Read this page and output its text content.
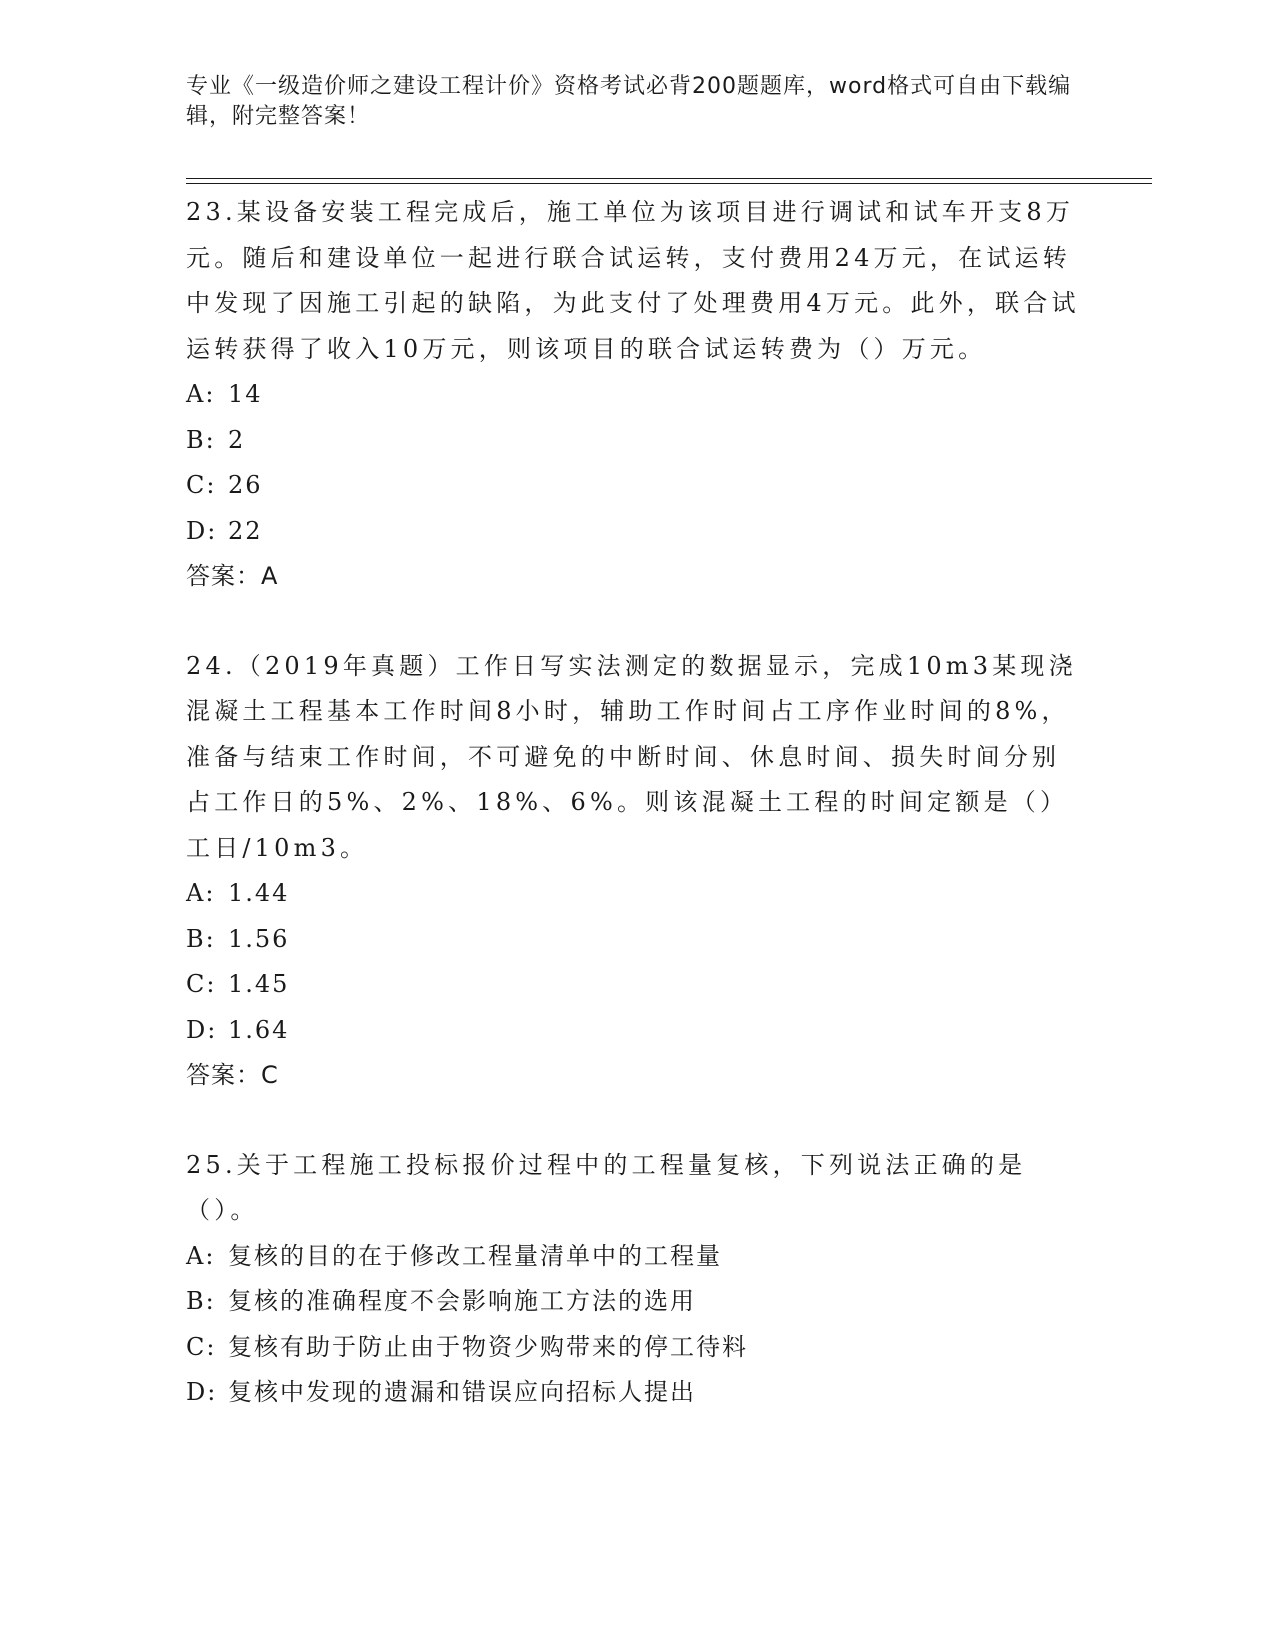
专业《一级造价师之建设工程计价》资格考试必背200题题库，word格式可自由下载编辑，附完整答案！

23.某设备安装工程完成后，施工单位为该项目进行调试和试车开支8万元。随后和建设单位一起进行联合试运转，支付费用24万元，在试运转中发现了因施工引起的缺陷，为此支付了处理费用4万元。此外，联合试运转获得了收入10万元，则该项目的联合试运转费为（）万元。

A: 14

B: 2

C: 26

D: 22

答案：A

24.（2019年真题）工作日写实法测定的数据显示，完成10m3某现浇混凝土工程基本工作时间8小时，辅助工作时间占工序作业时间的8%，准备与结束工作时间，不可避免的中断时间、休息时间、损失时间分别占工作日的5%、2%、18%、6%。则该混凝土工程的时间定额是（）工日/10m3。

A: 1.44

B: 1.56

C: 1.45

D: 1.64

答案：C

25.关于工程施工投标报价过程中的工程量复核，下列说法正确的是（）。

A: 复核的目的在于修改工程量清单中的工程量

B: 复核的准确程度不会影响施工方法的选用

C: 复核有助于防止由于物资少购带来的停工待料

D: 复核中发现的遗漏和错误应向招标人提出
